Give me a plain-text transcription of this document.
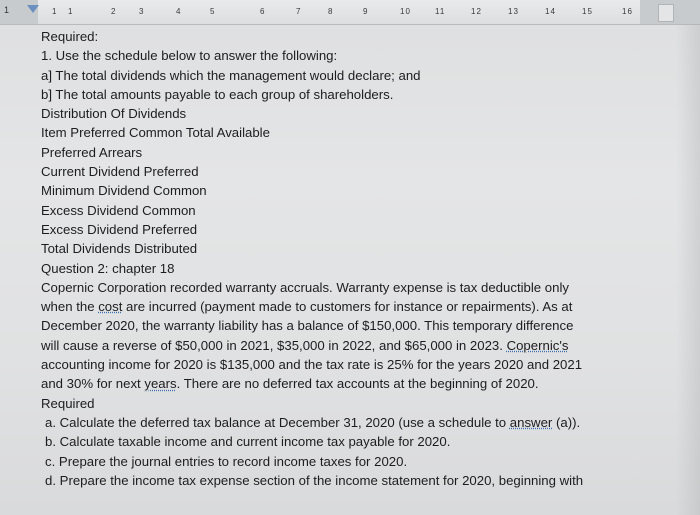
1	1 1	2	3	4	5	6	7	8	9	10	11	12	13	14	15	16

Required:

1. Use the schedule below to answer the following:

a] The total dividends which the management would declare; and

b] The total amounts payable to each group of shareholders.

Distribution Of Dividends

Item Preferred Common Total Available

Preferred Arrears

Current Dividend Preferred

Minimum Dividend Common

Excess Dividend Common

Excess Dividend Preferred

Total Dividends Distributed

Question 2: chapter 18

Copernic Corporation recorded warranty accruals. Warranty expense is tax deductible only

when the cost are incurred (payment made to customers for instance or repairments). As at

December 2020, the warranty liability has a balance of $150,000. This temporary difference

will cause a reverse of $50,000 in 2021, $35,000 in 2022, and $65,000 in 2023. Copernic's

accounting income for 2020 is $135,000 and the tax rate is 25% for the years 2020 and 2021

and 30% for next years. There are no deferred tax accounts at the beginning of 2020.

Required

a. Calculate the deferred tax balance at December 31, 2020 (use a schedule to answer (a)).

b. Calculate taxable income and current income tax payable for 2020.

c. Prepare the journal entries to record income taxes for 2020.

d. Prepare the income tax expense section of the income statement for 2020, beginning with
